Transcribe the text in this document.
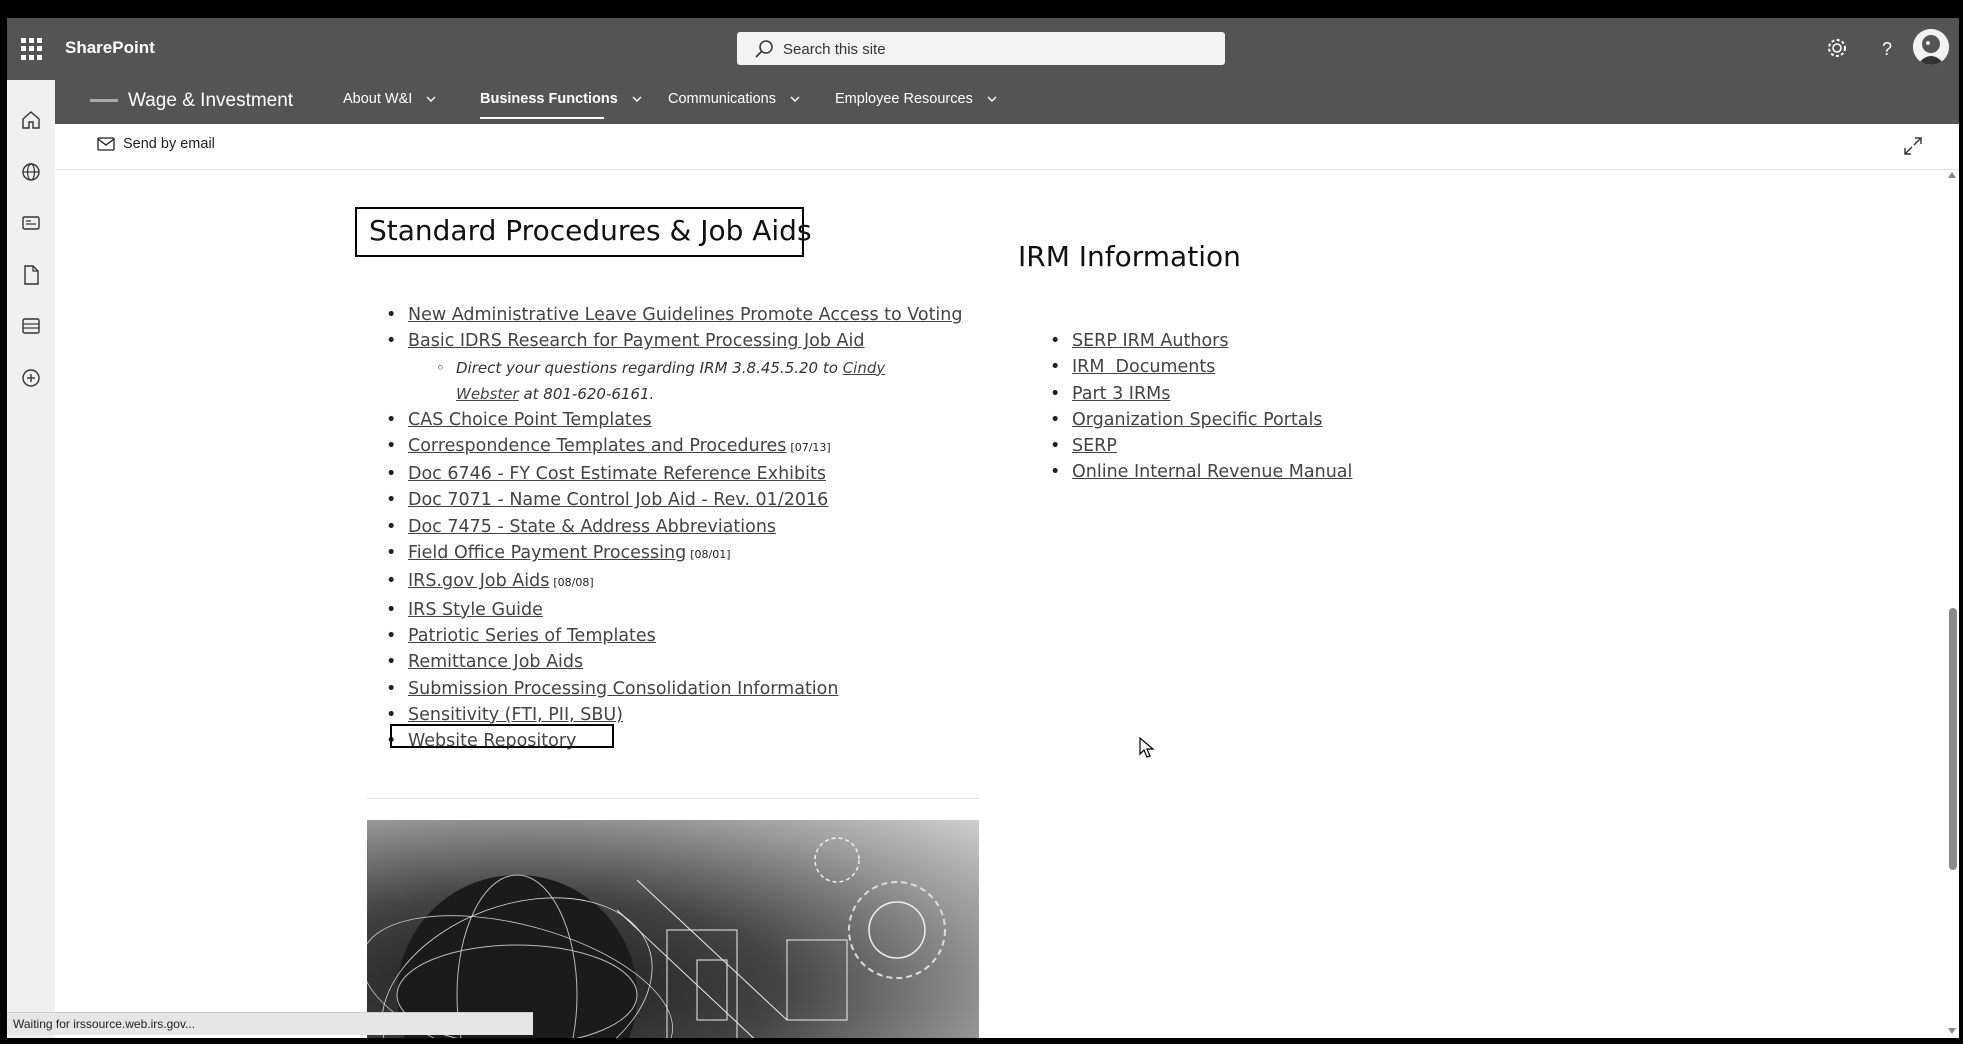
SharePoint
Search this site	?
Wage & Investment	About W&I	Business Functions	Communications	Employee Resources
Send by email
Standard Procedures & Job Aids
• New Administrative Leave Guidelines Promote Access to Voting
• Basic IDRS Research for Payment Processing Job Aid
◦ Direct your questions regarding IRM 3.8.45.5.20 to Cindy Webster at 801-620-6161.
• CAS Choice Point Templates
• Correspondence Templates and Procedures [07/13]
• Doc 6746 - FY Cost Estimate Reference Exhibits
• Doc 7071 - Name Control Job Aid - Rev. 01/2016
• Doc 7475 - State & Address Abbreviations
• Field Office Payment Processing [08/01]
• IRS.gov Job Aids [08/08]
• IRS Style Guide
• Patriotic Series of Templates
• Remittance Job Aids
• Submission Processing Consolidation Information
• Sensitivity (FTI, PII, SBU)
• Website Repository
IRM Information
• SERP IRM Authors
• IRM  Documents
• Part 3 IRMs
• Organization Specific Portals
• SERP
• Online Internal Revenue Manual
Waiting for irssource.web.irs.gov...
